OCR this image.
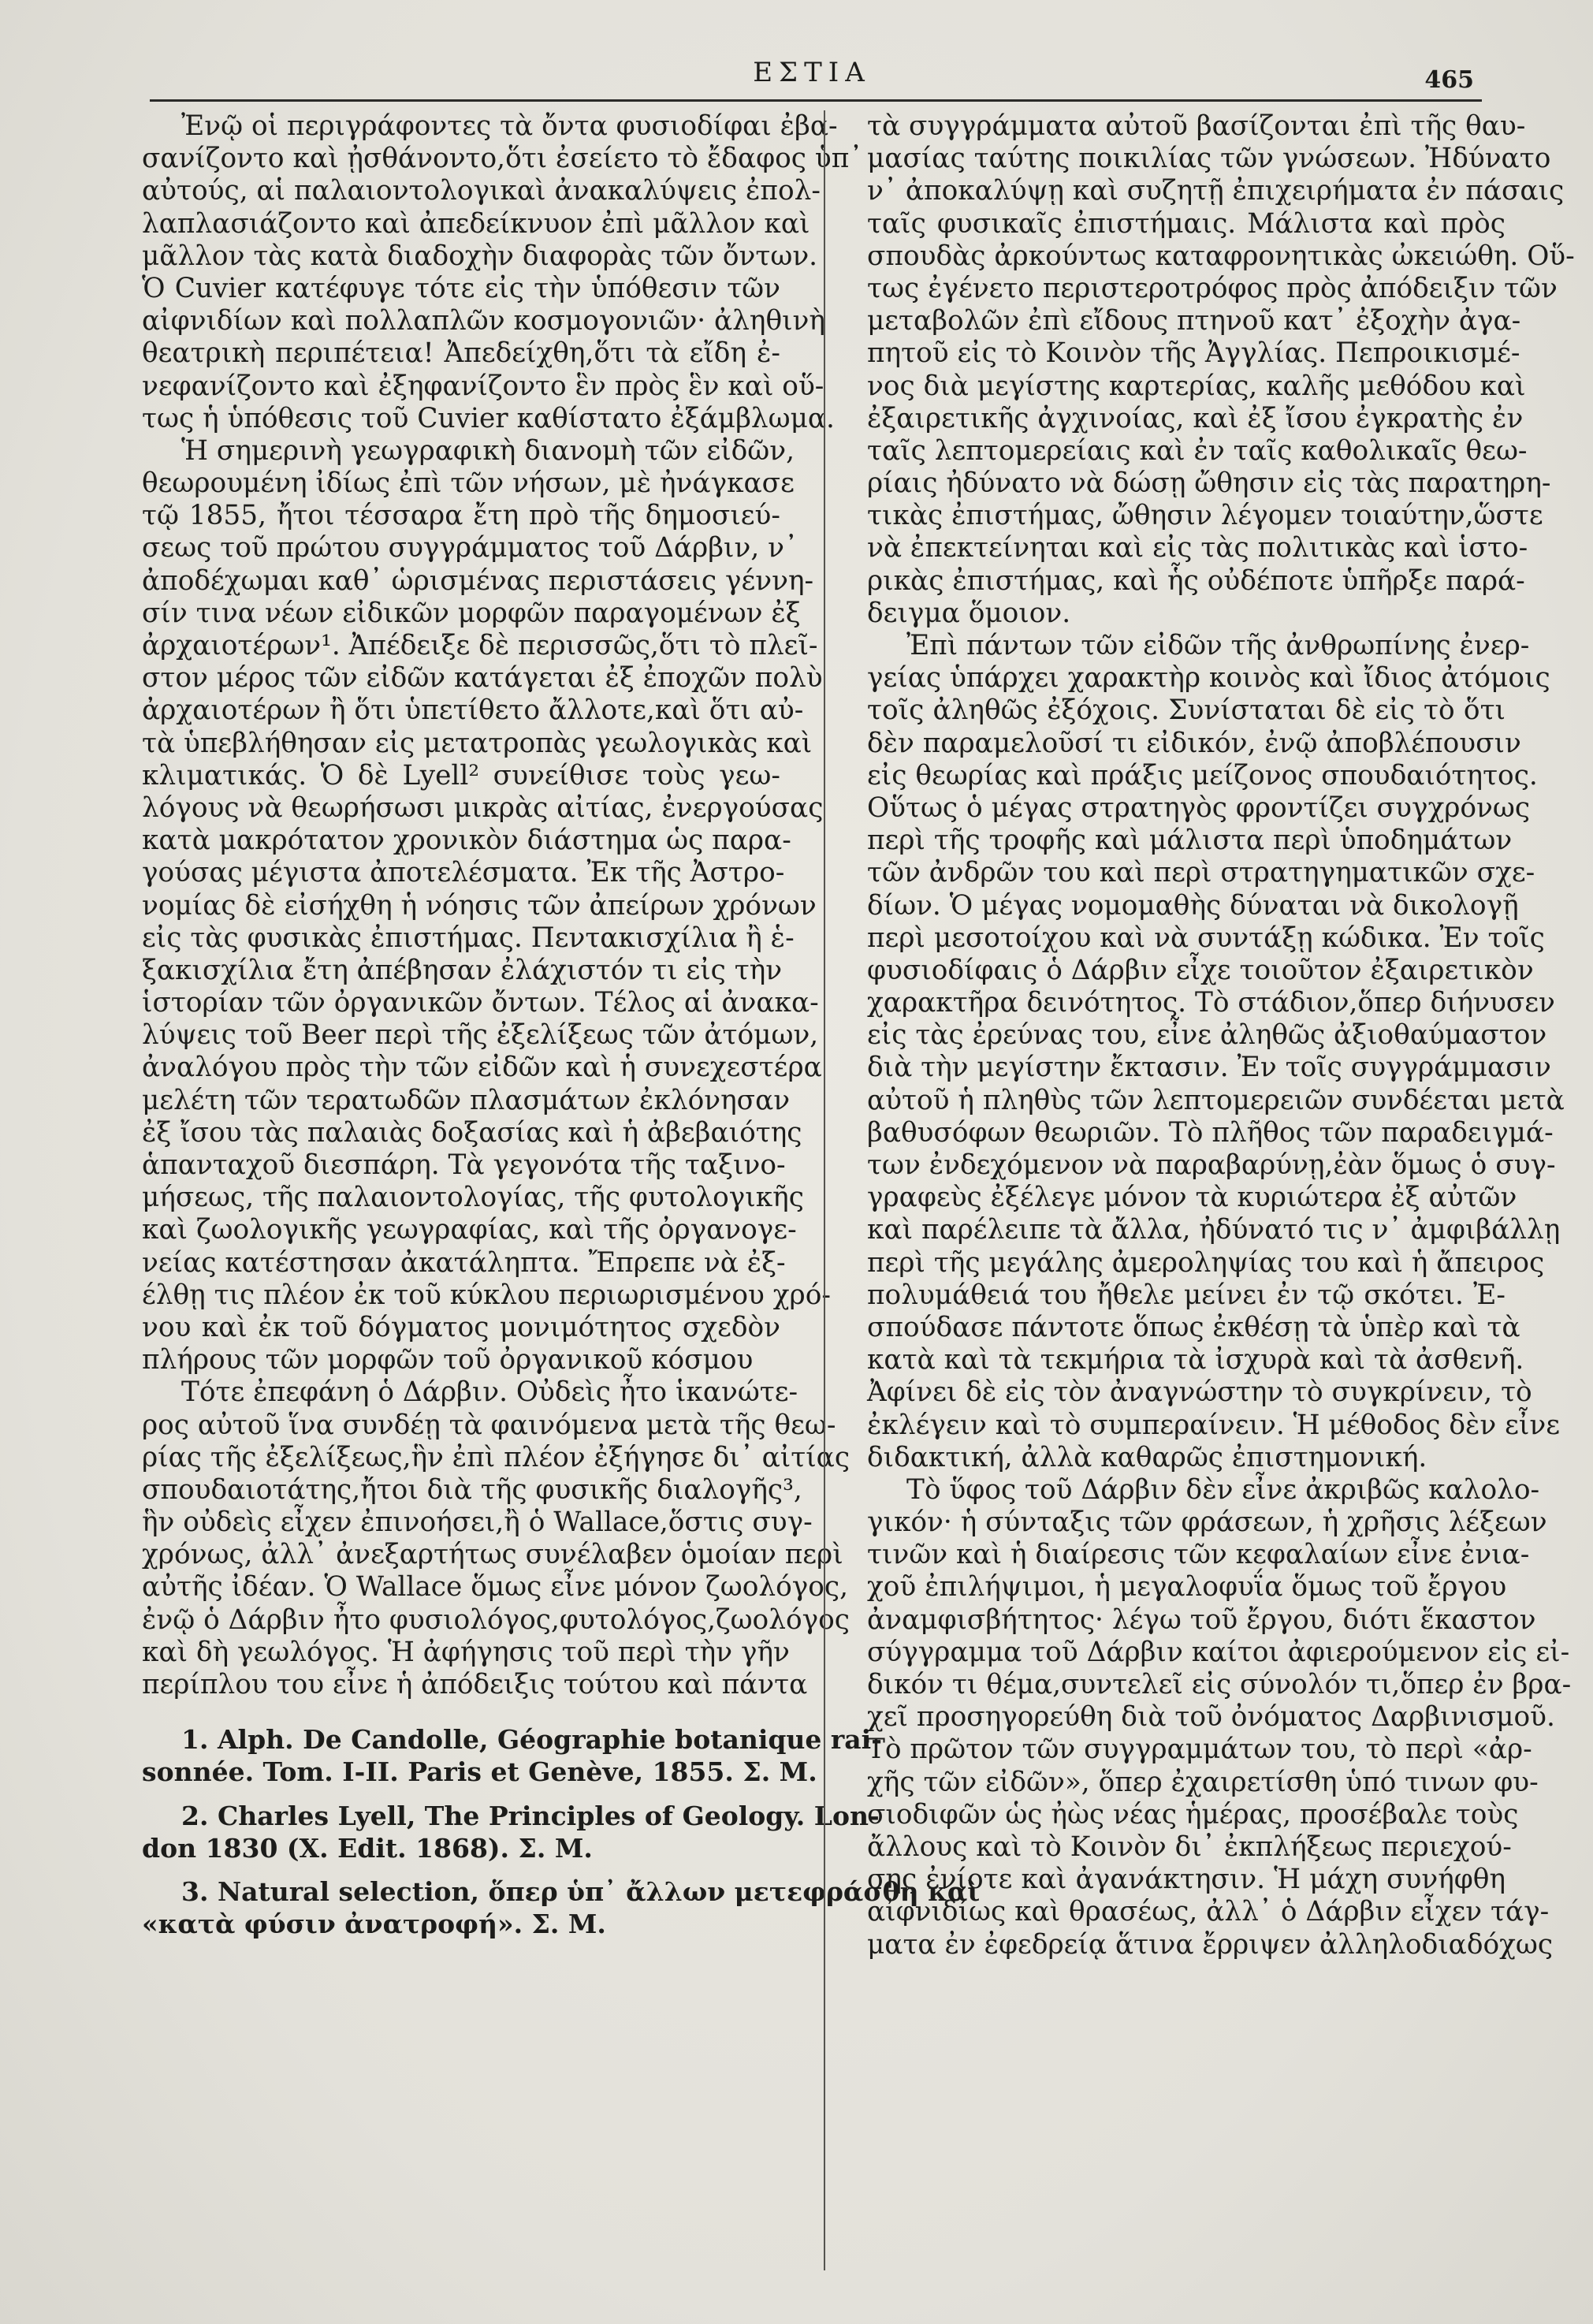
ΕΣΤΙΑ	465
Ἐνῷ οἱ περιγράφοντες τὰ ὄντα φυσιοδίφαι ἐβα-
σανίζοντο καὶ ᾐσθάνοντο,ὅτι ἐσείετο τὸ ἔδαφος ὑπ᾿
αὐτούς, αἱ παλαιοντολογικαὶ ἀνακαλύψεις ἐπολ-
λαπλασιάζοντο καὶ ἀπεδείκνυον ἐπὶ μᾶλλον καὶ
μᾶλλον τὰς κατὰ διαδοχὴν διαφορὰς τῶν ὄντων.
Ὁ Cuvier κατέφυγε τότε εἰς τὴν ὑπόθεσιν τῶν
αἰφνιδίων καὶ πολλαπλῶν κοσμογονιῶν· ἀληθινὴ
θεατρικὴ περιπέτεια! Ἀπεδείχθη,ὅτι τὰ εἴδη ἐ-
νεφανίζοντο καὶ ἐξηφανίζοντο ἓν πρὸς ἓν καὶ οὕ-
τως ἡ ὑπόθεσις τοῦ Cuvier καθίστατο ἐξάμβλωμα.
Ἡ σημερινὴ γεωγραφικὴ διανομὴ τῶν εἰδῶν,
θεωρουμένη ἰδίως ἐπὶ τῶν νήσων, μὲ ἠνάγκασε
τῷ 1855, ἤτοι τέσσαρα ἔτη πρὸ τῆς δημοσιεύ-
σεως τοῦ πρώτου συγγράμματος τοῦ Δάρβιν, ν᾿
ἀποδέχωμαι καθ᾿ ὡρισμένας περιστάσεις γέννη-
σίν τινα νέων εἰδικῶν μορφῶν παραγομένων ἐξ
ἀρχαιοτέρων¹. Ἀπέδειξε δὲ περισσῶς,ὅτι τὸ πλεῖ-
στον μέρος τῶν εἰδῶν κατάγεται ἐξ ἐποχῶν πολὺ
ἀρχαιοτέρων ἢ ὅτι ὑπετίθετο ἄλλοτε,καὶ ὅτι αὐ-
τὰ ὑπεβλήθησαν εἰς μετατροπὰς γεωλογικὰς καὶ
κλιματικάς. Ὁ δὲ Lyell² συνείθισε τοὺς γεω-
λόγους νὰ θεωρήσωσι μικρὰς αἰτίας, ἐνεργούσας
κατὰ μακρότατον χρονικὸν διάστημα ὡς παρα-
γούσας μέγιστα ἀποτελέσματα. Ἐκ τῆς Ἀστρο-
νομίας δὲ εἰσήχθη ἡ νόησις τῶν ἀπείρων χρόνων
εἰς τὰς φυσικὰς ἐπιστήμας. Πεντακισχίλια ἢ ἑ-
ξακισχίλια ἔτη ἀπέβησαν ἐλάχιστόν τι εἰς τὴν
ἱστορίαν τῶν ὀργανικῶν ὄντων. Τέλος αἱ ἀνακα-
λύψεις τοῦ Beer περὶ τῆς ἐξελίξεως τῶν ἀτόμων,
ἀναλόγου πρὸς τὴν τῶν εἰδῶν καὶ ἡ συνεχεστέρα
μελέτη τῶν τερατωδῶν πλασμάτων ἐκλόνησαν
ἐξ ἴσου τὰς παλαιὰς δοξασίας καὶ ἡ ἀβεβαιότης
ἁπανταχοῦ διεσπάρη. Τὰ γεγονότα τῆς ταξινο-
μήσεως, τῆς παλαιοντολογίας, τῆς φυτολογικῆς
καὶ ζωολογικῆς γεωγραφίας, καὶ τῆς ὀργανογε-
νείας κατέστησαν ἀκατάληπτα. Ἔπρεπε νὰ ἐξ-
έλθῃ τις πλέον ἐκ τοῦ κύκλου περιωρισμένου χρό-
νου καὶ ἐκ τοῦ δόγματος μονιμότητος σχεδὸν
πλήρους τῶν μορφῶν τοῦ ὀργανικοῦ κόσμου
Τότε ἐπεφάνη ὁ Δάρβιν. Οὐδεὶς ἦτο ἱκανώτε-
ρος αὐτοῦ ἵνα συνδέῃ τὰ φαινόμενα μετὰ τῆς θεω-
ρίας τῆς ἐξελίξεως,ἣν ἐπὶ πλέον ἐξήγησε δι᾿ αἰτίας
σπουδαιοτάτης,ἤτοι διὰ τῆς φυσικῆς διαλογῆς³,
ἣν οὐδεὶς εἶχεν ἐπινοήσει,ἢ ὁ Wallace,ὅστις συγ-
χρόνως, ἀλλ᾿ ἀνεξαρτήτως συνέλαβεν ὁμοίαν περὶ
αὐτῆς ἰδέαν. Ὁ Wallace ὅμως εἶνε μόνον ζωολόγος,
ἐνῷ ὁ Δάρβιν ἦτο φυσιολόγος,φυτολόγος,ζωολόγος
καὶ δὴ γεωλόγος. Ἡ ἀφήγησις τοῦ περὶ τὴν γῆν
περίπλου του εἶνε ἡ ἀπόδειξις τούτου καὶ πάντα
1. Alph. De Candolle, Géographie botanique rai-
sonnée. Tom. I-II. Paris et Genève, 1855. Σ. Μ.
2. Charles Lyell, The Principles of Geology. Lon-
don 1830 (X. Edit. 1868). Σ. Μ.
3. Natural selection, ὅπερ ὑπ᾿ ἄλλων μετεφράσθη καὶ
«κατὰ φύσιν ἀνατροφή». Σ. Μ.
τὰ συγγράμματα αὐτοῦ βασίζονται ἐπὶ τῆς θαυ-
μασίας ταύτης ποικιλίας τῶν γνώσεων. Ἠδύνατο
ν᾿ ἀποκαλύψῃ καὶ συζητῇ ἐπιχειρήματα ἐν πάσαις
ταῖς φυσικαῖς ἐπιστήμαις. Μάλιστα καὶ πρὸς
σπουδὰς ἀρκούντως καταφρονητικὰς ὠκειώθη. Οὕ-
τως ἐγένετο περιστεροτρόφος πρὸς ἀπόδειξιν τῶν
μεταβολῶν ἐπὶ εἴδους πτηνοῦ κατ᾿ ἐξοχὴν ἀγα-
πητοῦ εἰς τὸ Κοινὸν τῆς Ἀγγλίας. Πεπροικισμέ-
νος διὰ μεγίστης καρτερίας, καλῆς μεθόδου καὶ
ἐξαιρετικῆς ἀγχινοίας, καὶ ἐξ ἴσου ἐγκρατὴς ἐν
ταῖς λεπτομερείαις καὶ ἐν ταῖς καθολικαῖς θεω-
ρίαις ἠδύνατο νὰ δώσῃ ὤθησιν εἰς τὰς παρατηρη-
τικὰς ἐπιστήμας, ὤθησιν λέγομεν τοιαύτην,ὥστε
νὰ ἐπεκτείνηται καὶ εἰς τὰς πολιτικὰς καὶ ἱστο-
ρικὰς ἐπιστήμας, καὶ ἧς οὐδέποτε ὑπῆρξε παρά-
δειγμα ὅμοιον.
Ἐπὶ πάντων τῶν εἰδῶν τῆς ἀνθρωπίνης ἐνερ-
γείας ὑπάρχει χαρακτὴρ κοινὸς καὶ ἴδιος ἀτόμοις
τοῖς ἀληθῶς ἐξόχοις. Συνίσταται δὲ εἰς τὸ ὅτι
δὲν παραμελοῦσί τι εἰδικόν, ἐνῷ ἀποβλέπουσιν
εἰς θεωρίας καὶ πράξις μείζονος σπουδαιότητος.
Οὕτως ὁ μέγας στρατηγὸς φροντίζει συγχρόνως
περὶ τῆς τροφῆς καὶ μάλιστα περὶ ὑποδημάτων
τῶν ἀνδρῶν του καὶ περὶ στρατηγηματικῶν σχε-
δίων. Ὁ μέγας νομομαθὴς δύναται νὰ δικολογῇ
περὶ μεσοτοίχου καὶ νὰ συντάξῃ κώδικα. Ἐν τοῖς
φυσιοδίφαις ὁ Δάρβιν εἶχε τοιοῦτον ἐξαιρετικὸν
χαρακτῆρα δεινότητος. Τὸ στάδιον,ὅπερ διήνυσεν
εἰς τὰς ἐρεύνας του, εἶνε ἀληθῶς ἀξιοθαύμαστον
διὰ τὴν μεγίστην ἔκτασιν. Ἐν τοῖς συγγράμμασιν
αὐτοῦ ἡ πληθὺς τῶν λεπτομερειῶν συνδέεται μετὰ
βαθυσόφων θεωριῶν. Τὸ πλῆθος τῶν παραδειγμά-
των ἐνδεχόμενον νὰ παραβαρύνῃ,ἐὰν ὅμως ὁ συγ-
γραφεὺς ἐξέλεγε μόνον τὰ κυριώτερα ἐξ αὐτῶν
καὶ παρέλειπε τὰ ἄλλα, ἠδύνατό τις ν᾿ ἀμφιβάλλῃ
περὶ τῆς μεγάλης ἀμεροληψίας του καὶ ἡ ἄπειρος
πολυμάθειά του ἤθελε μείνει ἐν τῷ σκότει. Ἐ-
σπούδασε πάντοτε ὅπως ἐκθέσῃ τὰ ὑπὲρ καὶ τὰ
κατὰ καὶ τὰ τεκμήρια τὰ ἰσχυρὰ καὶ τὰ ἀσθενῆ.
Ἀφίνει δὲ εἰς τὸν ἀναγνώστην τὸ συγκρίνειν, τὸ
ἐκλέγειν καὶ τὸ συμπεραίνειν. Ἡ μέθοδος δὲν εἶνε
διδακτική, ἀλλὰ καθαρῶς ἐπιστημονική.
Τὸ ὕφος τοῦ Δάρβιν δὲν εἶνε ἀκριβῶς καλολο-
γικόν· ἡ σύνταξις τῶν φράσεων, ἡ χρῆσις λέξεων
τινῶν καὶ ἡ διαίρεσις τῶν κεφαλαίων εἶνε ἐνια-
χοῦ ἐπιλήψιμοι, ἡ μεγαλοφυΐα ὅμως τοῦ ἔργου
ἀναμφισβήτητος· λέγω τοῦ ἔργου, διότι ἕκαστον
σύγγραμμα τοῦ Δάρβιν καίτοι ἀφιερούμενον εἰς εἰ-
δικόν τι θέμα,συντελεῖ εἰς σύνολόν τι,ὅπερ ἐν βρα-
χεῖ προσηγορεύθη διὰ τοῦ ὀνόματος Δαρβινισμοῦ.
Τὸ πρῶτον τῶν συγγραμμάτων του, τὸ περὶ «ἀρ-
χῆς τῶν εἰδῶν», ὅπερ ἐχαιρετίσθη ὑπό τινων φυ-
σιοδιφῶν ὡς ἠὼς νέας ἡμέρας, προσέβαλε τοὺς
ἄλλους καὶ τὸ Κοινὸν δι᾿ ἐκπλήξεως περιεχού-
σης ἐνίοτε καὶ ἀγανάκτησιν. Ἡ μάχη συνήφθη
αἰφνιδίως καὶ θρασέως, ἀλλ᾿ ὁ Δάρβιν εἶχεν τάγ-
ματα ἐν ἐφεδρείᾳ ἅτινα ἔρριψεν ἀλληλοδιαδόχως
